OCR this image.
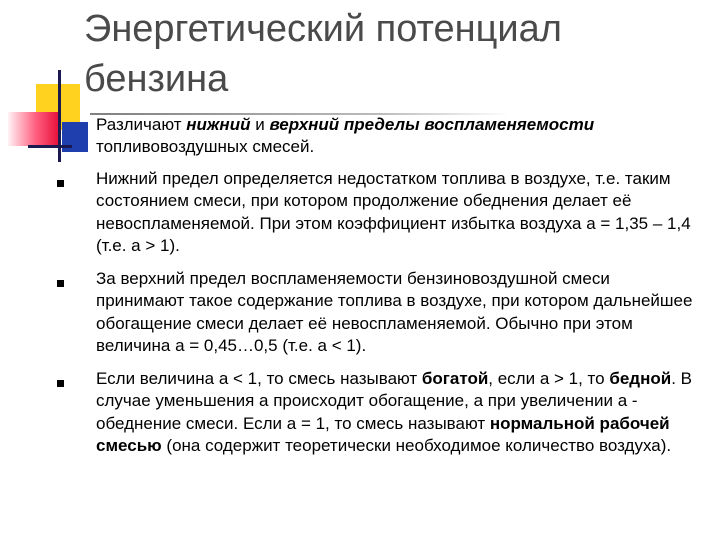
Энергетический потенциал бензина
Различают нижний и верхний пределы воспламеняемости топливовоздушных смесей.
Нижний предел определяется недостатком топлива в воздухе, т.е. таким состоянием смеси, при котором продолжение обеднения делает её невоспламеняемой. При этом коэффициент избытка воздуха а = 1,35 – 1,4 (т.е. а > 1).
За верхний предел воспламеняемости бензиновоздушной смеси принимают такое содержание топлива в воздухе, при котором дальнейшее обогащение смеси делает её невоспламеняемой. Обычно при этом величина а = 0,45…0,5 (т.е. а < 1).
Если величина а < 1, то смесь называют богатой, если а > 1, то бедной. В случае уменьшения а происходит обогащение, а при увеличении а - обеднение смеси. Если а = 1, то смесь называют нормальной рабочей смесью (она содержит теоретически необходимое количество воздуха).
